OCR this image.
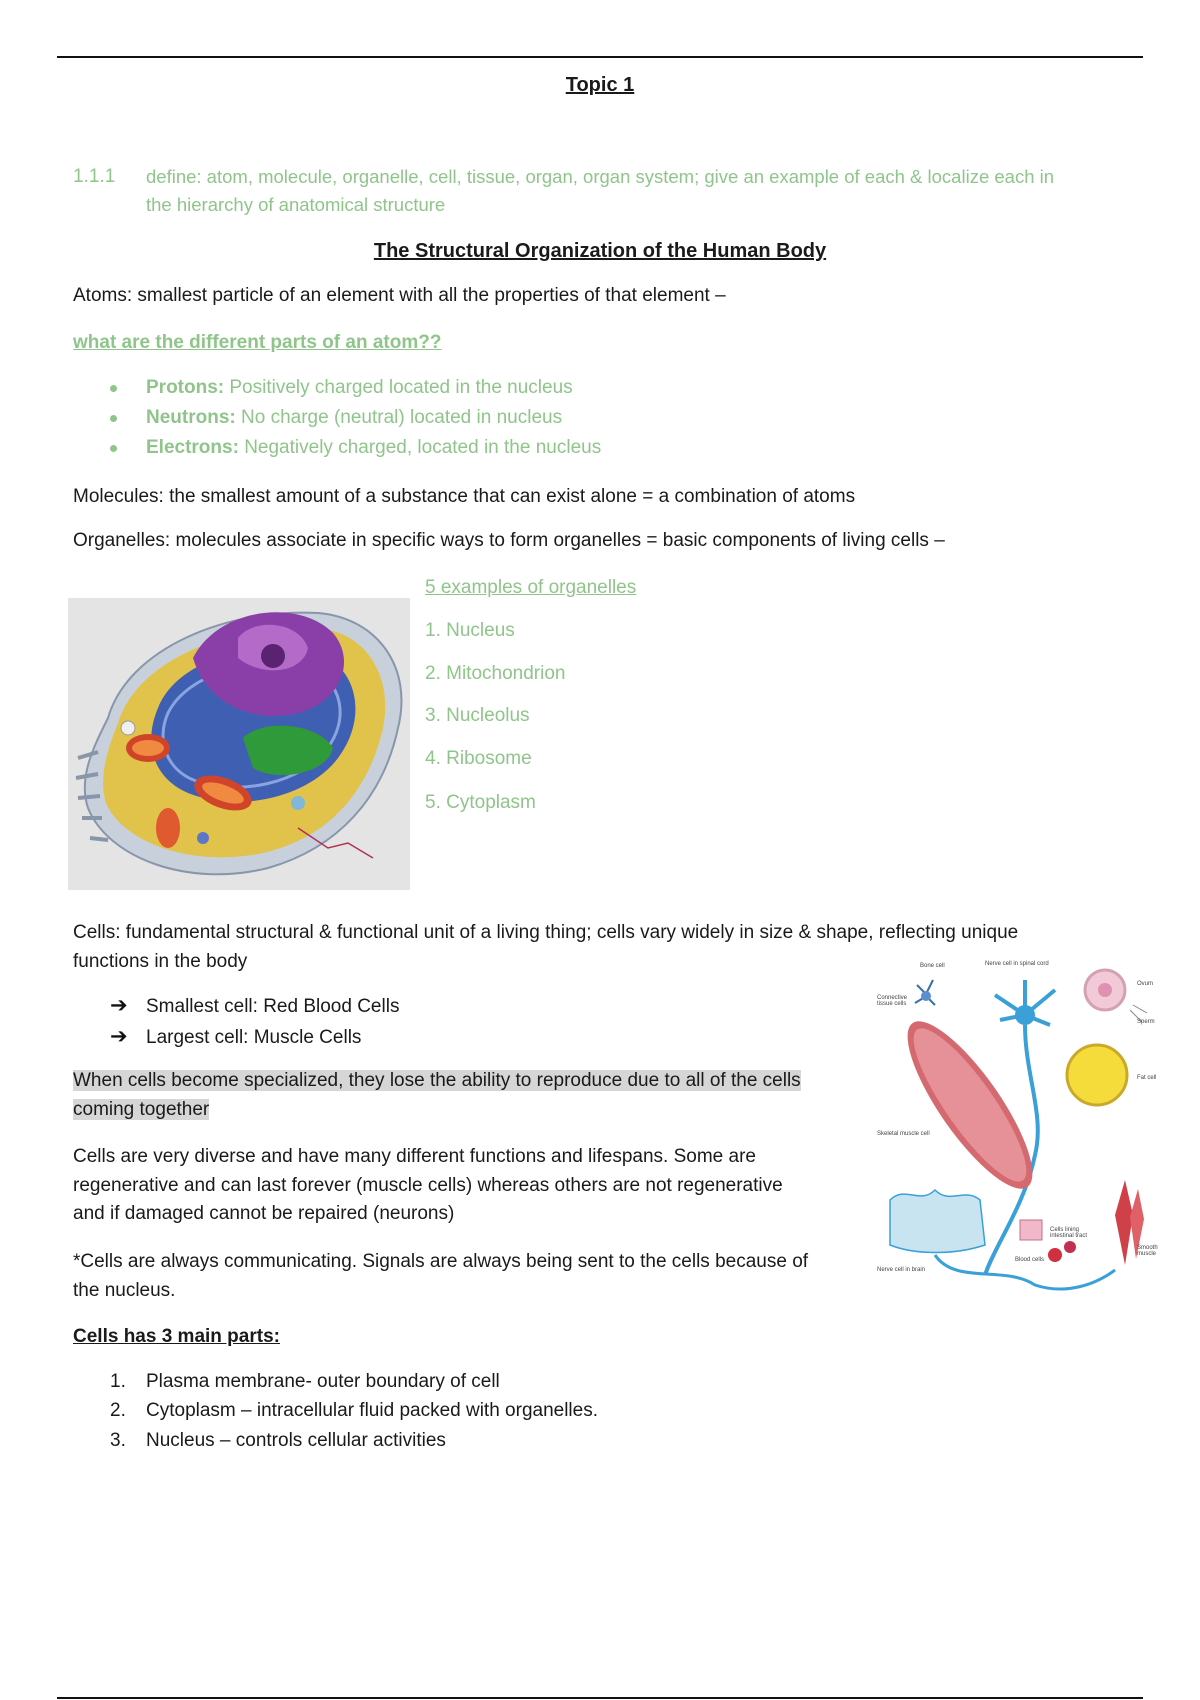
Topic 1
1.1.1 define: atom, molecule, organelle, cell, tissue, organ, organ system; give an example of each & localize each in
the hierarchy of anatomical structure
The Structural Organization of the Human Body
Atoms: smallest particle of an element with all the properties of that element –
what are the different parts of an atom??
Protons: Positively charged located in the nucleus
Neutrons: No charge (neutral) located in nucleus
Electrons: Negatively charged, located in the nucleus
Molecules: the smallest amount of a substance that can exist alone = a combination of atoms
Organelles: molecules associate in specific ways to form organelles = basic components of living cells –
5 examples of organelles
1. Nucleus
2. Mitochondrion
3. Nucleolus
4. Ribosome
5. Cytoplasm
Cells: fundamental structural & functional unit of a living thing; cells vary widely in size & shape, reflecting unique
functions in the body
➔ Smallest cell: Red Blood Cells
➔ Largest cell: Muscle Cells
When cells become specialized, they lose the ability to reproduce due to all of the cells
coming together
Cells are very diverse and have many different functions and lifespans. Some are
regenerative and can last forever (muscle cells) whereas others are not regenerative
and if damaged cannot be repaired (neurons)
*Cells are always communicating. Signals are always being sent to the cells because of
the nucleus.
Cells has 3 main parts:
1. Plasma membrane- outer boundary of cell
2. Cytoplasm – intracellular fluid packed with organelles.
3. Nucleus – controls cellular activities
Bone cell	Nerve cell in spinal cord
Connective tissue cells
Ovum
Sperm
Fat cell
Skeletal muscle cell
Cells lining intestinal tract
Blood cells
Smooth muscle
Nerve cell in brain
